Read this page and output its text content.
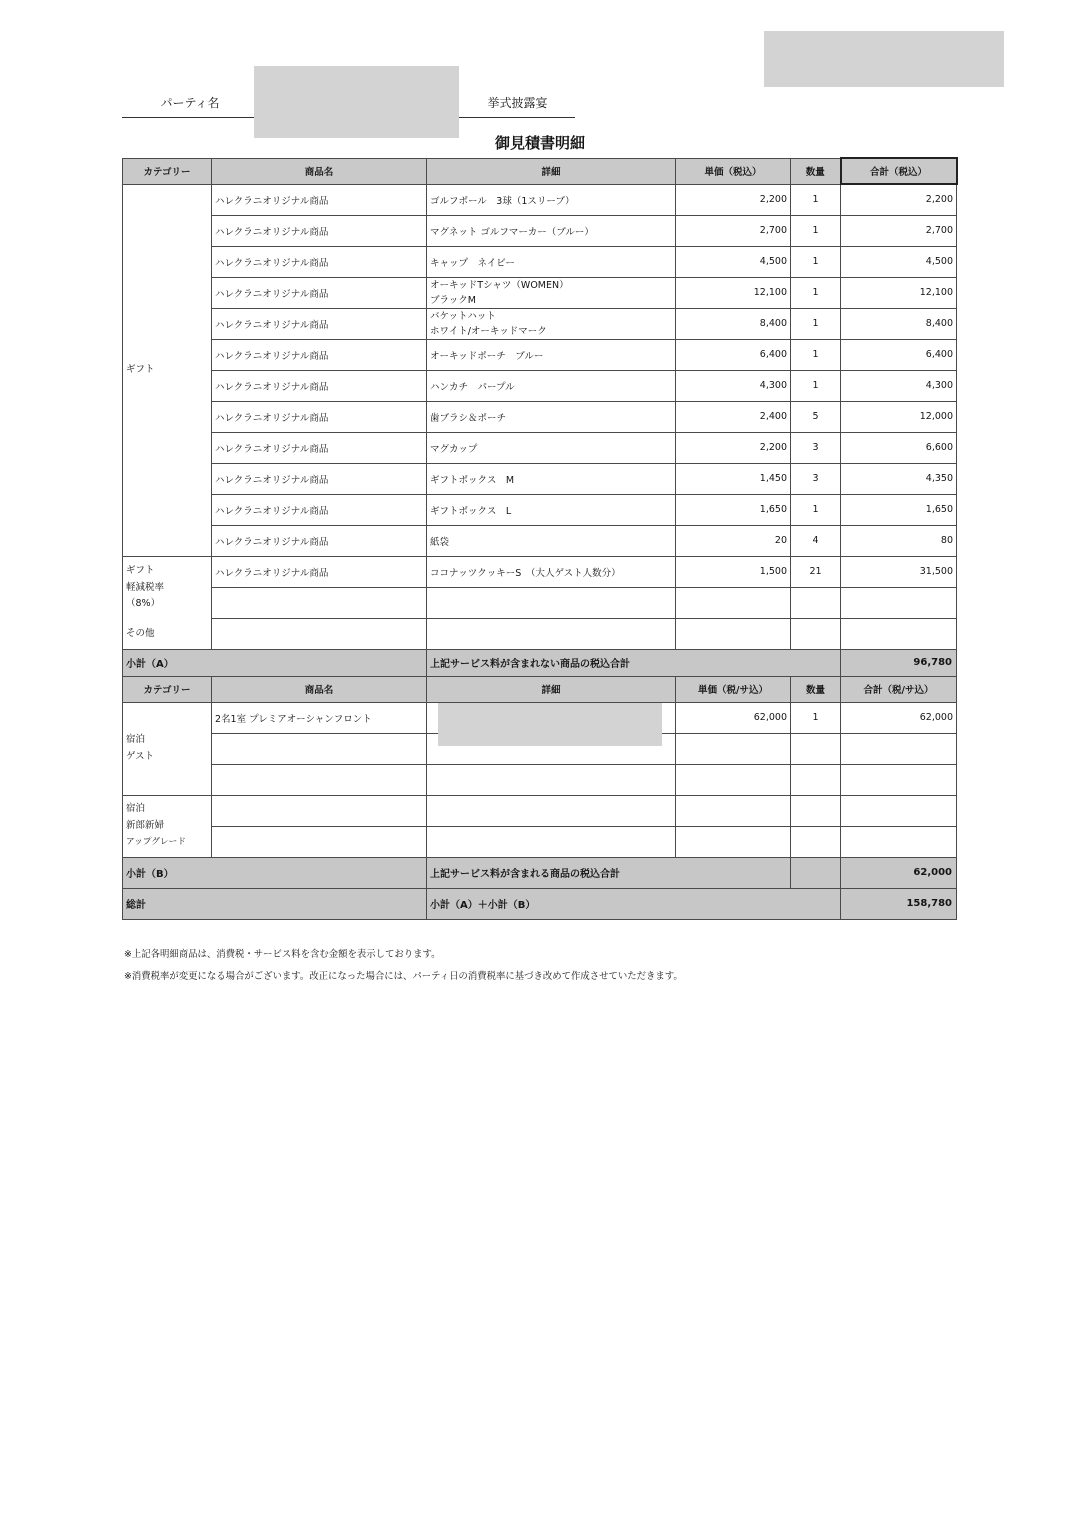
パーティ名	挙式披露宴
御見積書明細
カテゴリー	商品名	詳細	単価（税込）	数量	合計（税込）

ギフト	ハレクラニオリジナル商品	ゴルフボール　3球（1スリーブ）	2,200	1	2,200
	ハレクラニオリジナル商品	マグネット ゴルフマーカー（ブルー）	2,700	1	2,700
	ハレクラニオリジナル商品	キャップ　ネイビー	4,500	1	4,500
	ハレクラニオリジナル商品	オーキッドTシャツ（WOMEN）
ブラックM	12,100	1	12,100
	ハレクラニオリジナル商品	バケットハット
ホワイト/オーキッドマーク	8,400	1	8,400
	ハレクラニオリジナル商品	オーキッドポーチ　ブルー	6,400	1	6,400
	ハレクラニオリジナル商品	ハンカチ　パープル	4,300	1	4,300
	ハレクラニオリジナル商品	歯ブラシ＆ポーチ	2,400	5	12,000
	ハレクラニオリジナル商品	マグカップ	2,200	3	6,600
	ハレクラニオリジナル商品	ギフトボックス　M	1,450	3	4,350
	ハレクラニオリジナル商品	ギフトボックス　L	1,650	1	1,650
	ハレクラニオリジナル商品	紙袋	20	4	80

ギフト
軽減税率
（8%）
その他	ハレクラニオリジナル商品	ココナッツクッキーS　（大人ゲスト人数分）	1,500	21	31,500

小計（A）		上記サービス料が含まれない商品の税込合計			96,780
カテゴリー	商品名	詳細	単価（税/サ込）	数量	合計（税/サ込）

宿泊
ゲスト	2名1室 プレミアオーシャンフロント		62,000	1	62,000

宿泊
新郎新婦
アップグレード					

小計（B）		上記サービス料が含まれる商品の税込合計			62,000
総計		小計（A）＋小計（B）			158,780
※上記各明細商品は、消費税・サービス料を含む金額を表示しております。
※消費税率が変更になる場合がございます。改正になった場合には、パーティ日の消費税率に基づき改めて作成させていただきます。
